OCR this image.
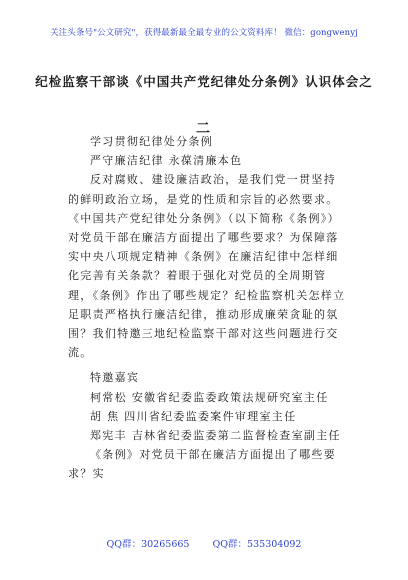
关注头条号"公文研究"，获得最新最全最专业的公文资料库！ 微信：gongwenyj
纪检监察干部谈《中国共产党纪律处分条例》认识体会之
二

学习贯彻纪律处分条例

严守廉洁纪律 永葆清廉本色

反对腐败、建设廉洁政治，是我们党一贯坚持的鲜明政治立场，是党的性质和宗旨的必然要求。《中国共产党纪律处分条例》（以下简称《条例》）对党员干部在廉洁方面提出了哪些要求？为保障落实中央八项规定精神《条例》在廉洁纪律中怎样细化完善有关条款？着眼于强化对党员的全周期管理，《条例》作出了哪些规定？纪检监察机关怎样立足职责严格执行廉洁纪律，推动形成廉荣贪耻的氛围？我们特邀三地纪检监察干部对这些问题进行交流。

特邀嘉宾

柯常松 安徽省纪委监委政策法规研究室主任

胡 焦 四川省纪委监委案件审理室主任

郑宪丰 吉林省纪委监委第二监督检查室副主任

《条例》对党员干部在廉洁方面提出了哪些要求？实

QQ群：30265665 QQ群：535304092
